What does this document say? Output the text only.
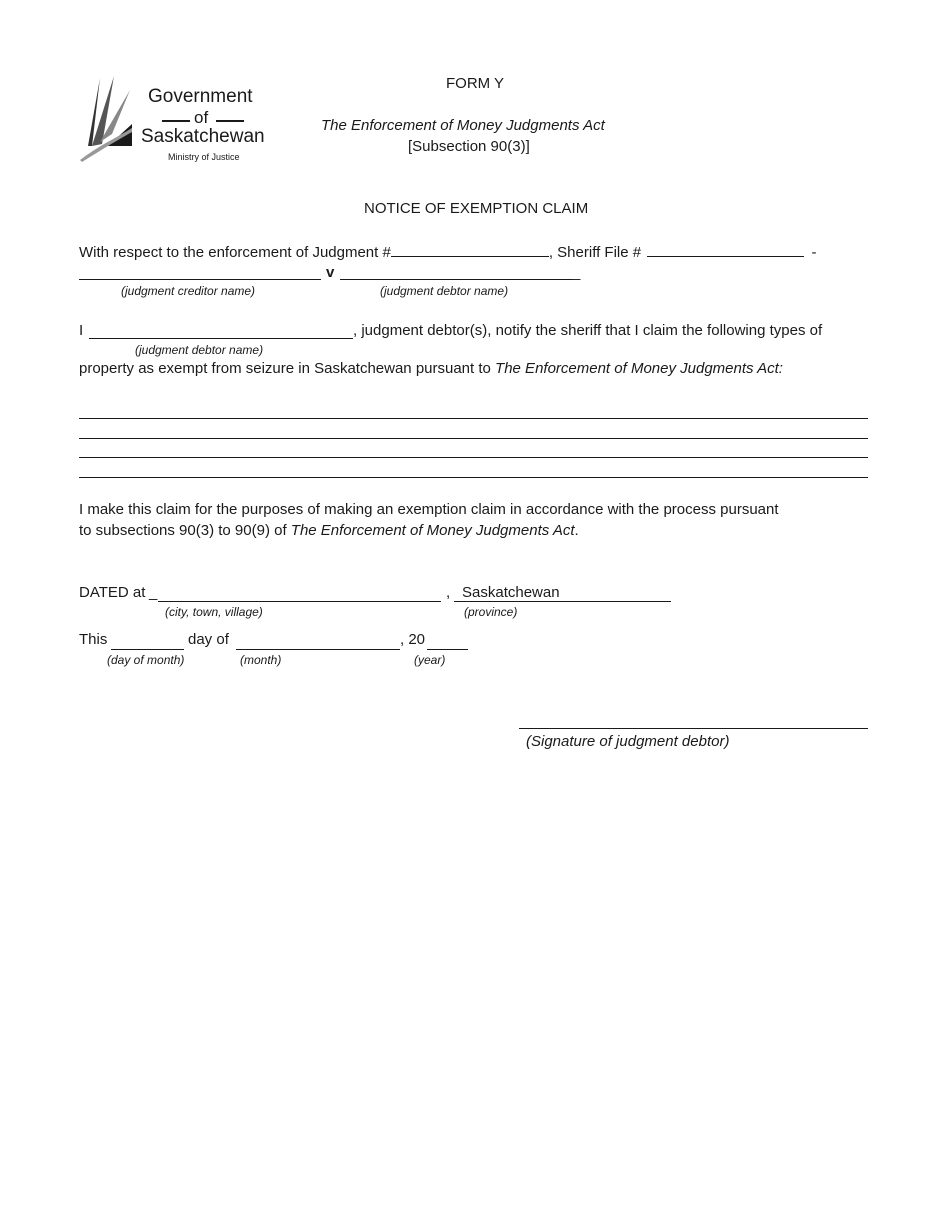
Government
of
Saskatchewan
Ministry of Justice
FORM Y
The Enforcement of Money Judgments Act
[Subsection 90(3)]
NOTICE OF EXEMPTION CLAIM
With respect to the enforcement of Judgment #	, Sheriff File #	-
v	_
(judgment creditor name)	(judgment debtor name)
I	, judgment debtor(s), notify the sheriff that I claim the following types of
(judgment debtor name)
property as exempt from seizure in Saskatchewan pursuant to The Enforcement of Money Judgments Act:
I make this claim for the purposes of making an exemption claim in accordance with the process pursuant
to subsections 90(3) to 90(9) of The Enforcement of Money Judgments Act.
DATED at _	, Saskatchewan
(city, town, village)	(province)
This	day of	, 20
(day of month)	(month)	(year)
(Signature of judgment debtor)
